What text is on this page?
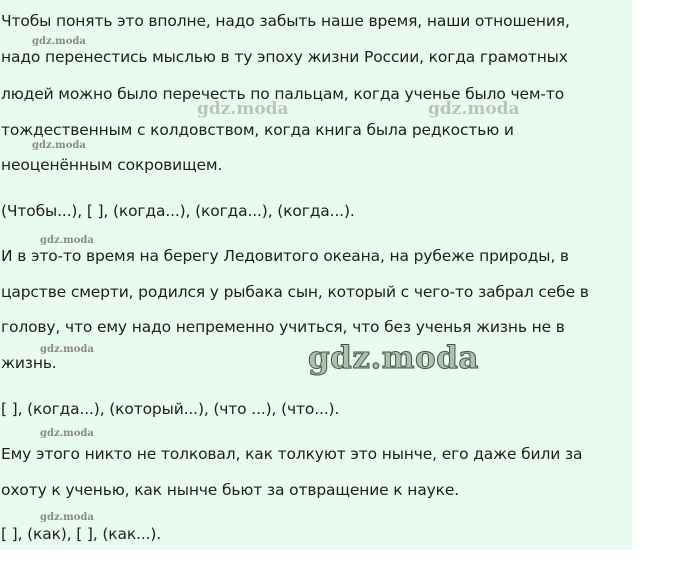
Чтобы понять это вполне, надо забыть наше время, наши отношения,

надо перенестись мыслью в ту эпоху жизни России, когда грамотных

людей можно было перечесть по пальцам, когда ученье было чем-то

тождественным с колдовством, когда книга была редкостью и

неоценённым сокровищем.

(Чтобы...), [ ], (когда...), (когда...), (когда...).

И в это-то время на берегу Ледовитого океана, на рубеже природы, в

царстве смерти, родился у рыбака сын, который с чего-то забрал себе в

голову, что ему надо непременно учиться, что без ученья жизнь не в

жизнь.

[ ], (когда...), (который...), (что ...), (что...).

Ему этого никто не толковал, как толкуют это нынче, его даже били за

охоту к ученью, как нынче бьют за отвращение к науке.

[ ], (как), [ ], (как...).

gdz.moda
gdz.moda
gdz.moda
gdz.moda
gdz.moda
gdz.moda
gdz.moda	gdz.moda
gdz.moda
